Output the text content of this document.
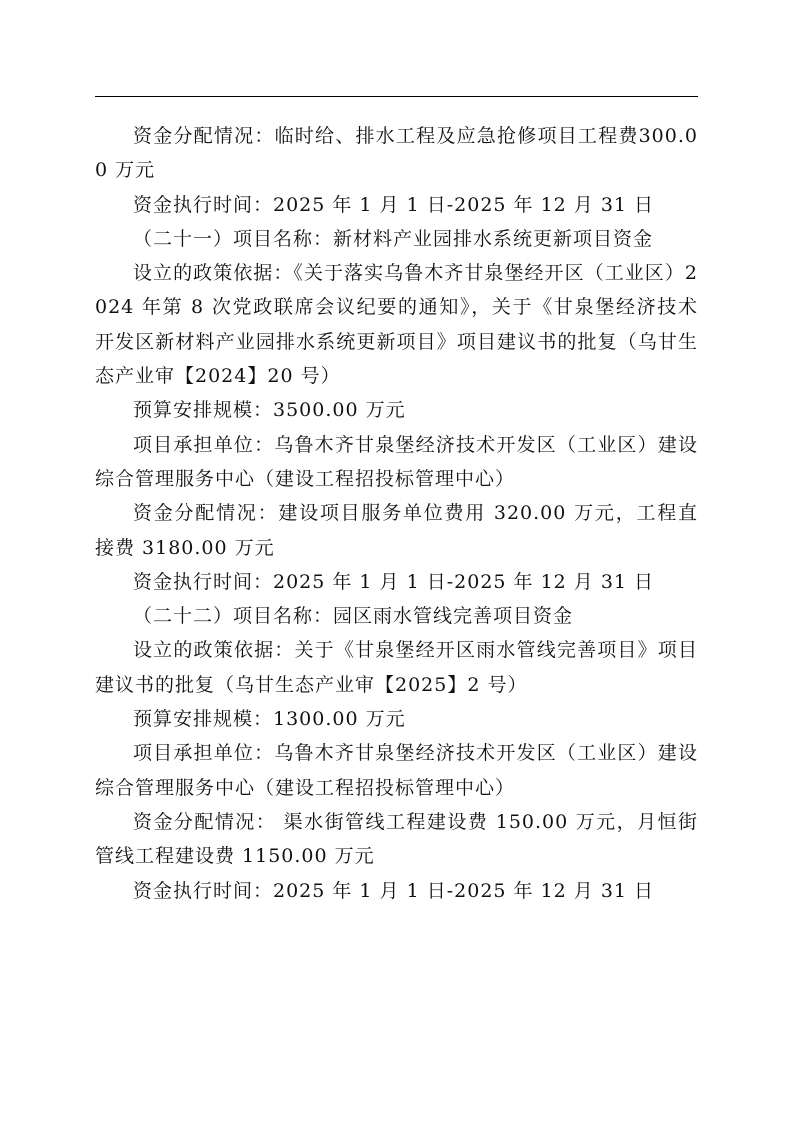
资金分配情况：临时给、排水工程及应急抢修项目工程费300.00 万元

资金执行时间：2025 年 1 月 1 日-2025 年 12 月 31 日

（二十一）项目名称：新材料产业园排水系统更新项目资金

设立的政策依据：《关于落实乌鲁木齐甘泉堡经开区（工业区）2024 年第 8 次党政联席会议纪要的通知》，关于《甘泉堡经济技术开发区新材料产业园排水系统更新项目》项目建议书的批复（乌甘生态产业审【2024】20 号）

预算安排规模：3500.00 万元

项目承担单位：乌鲁木齐甘泉堡经济技术开发区（工业区）建设综合管理服务中心（建设工程招投标管理中心）

资金分配情况：建设项目服务单位费用 320.00 万元，工程直接费 3180.00 万元

资金执行时间：2025 年 1 月 1 日-2025 年 12 月 31 日

（二十二）项目名称：园区雨水管线完善项目资金

设立的政策依据：关于《甘泉堡经开区雨水管线完善项目》项目建议书的批复（乌甘生态产业审【2025】2 号）

预算安排规模：1300.00 万元

项目承担单位：乌鲁木齐甘泉堡经济技术开发区（工业区）建设综合管理服务中心（建设工程招投标管理中心）

资金分配情况： 渠水街管线工程建设费 150.00 万元，月恒街管线工程建设费 1150.00 万元

资金执行时间：2025 年 1 月 1 日-2025 年 12 月 31 日
